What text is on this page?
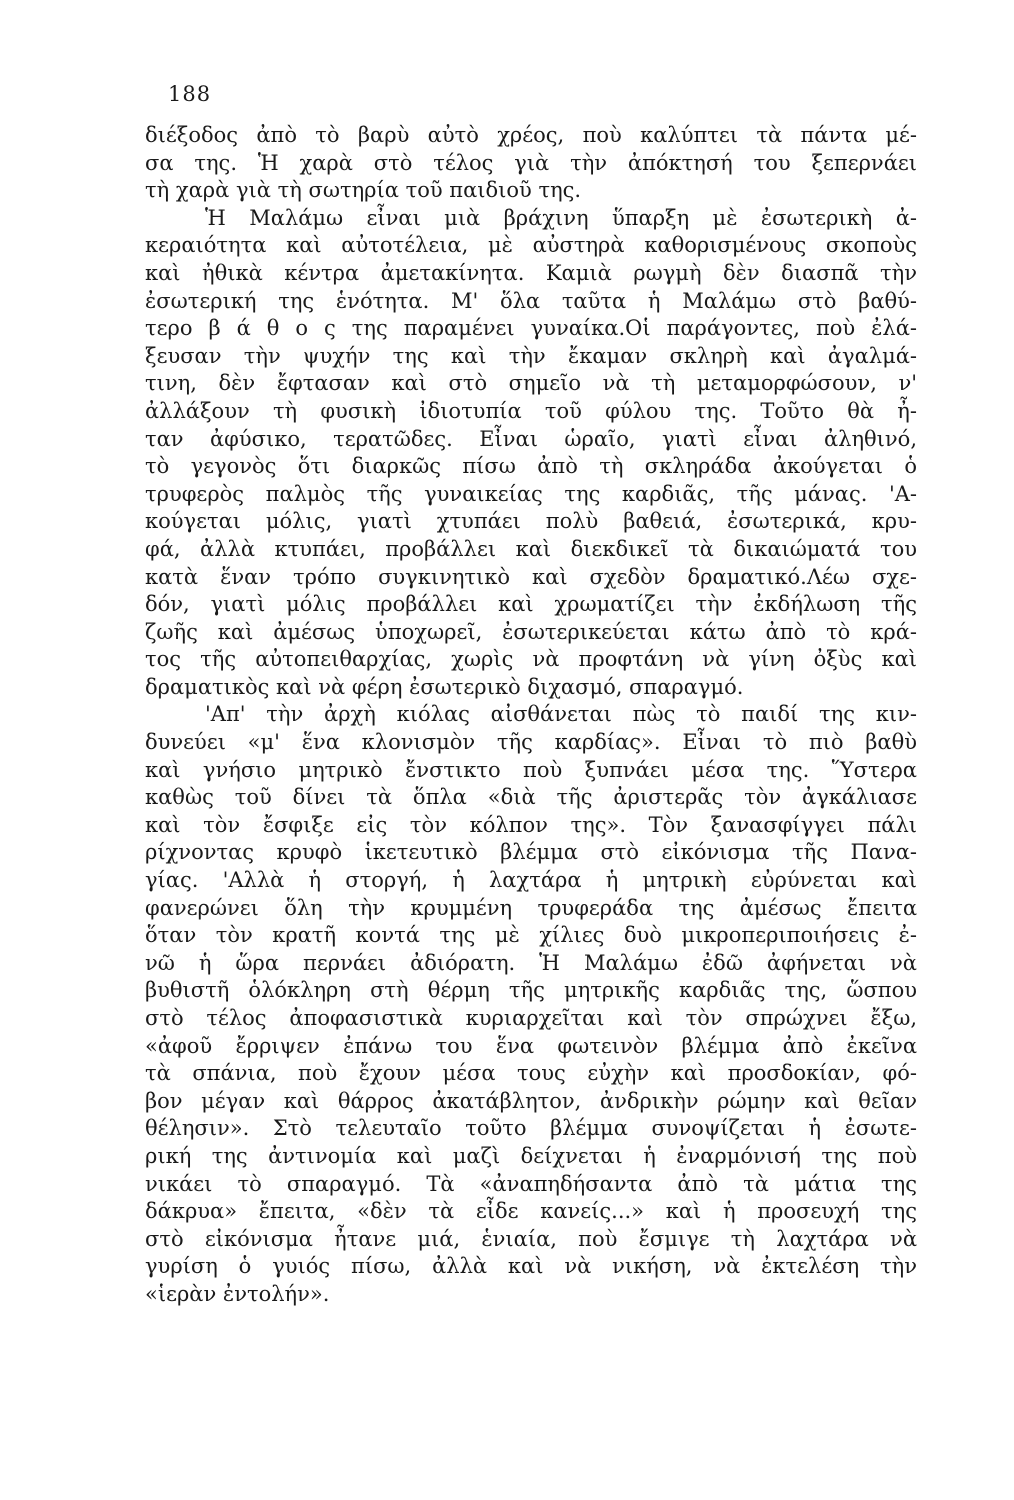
188
διέξοδος ἀπὸ τὸ βαρὺ αὐτὸ χρέος, ποὺ καλύπτει τὰ πάντα μέ-
σα της. Ἡ χαρὰ στὸ τέλος γιὰ τὴν ἀπόκτησή του ξεπερνάει
τὴ χαρὰ γιὰ τὴ σωτηρία τοῦ παιδιοῦ της.
Ἡ Μαλάμω εἶναι μιὰ βράχινη ὕπαρξη μὲ ἐσωτερικὴ ἀ-
κεραιότητα καὶ αὐτοτέλεια, μὲ αὐστηρὰ καθορισμένους σκοποὺς
καὶ ἠθικὰ κέντρα ἀμετακίνητα. Καμιὰ ρωγμὴ δὲν διασπᾶ τὴν
ἐσωτερική της ἑνότητα. Μ' ὅλα ταῦτα ἡ Μαλάμω στὸ βαθύ-
τερο β ά θ ο ς της παραμένει γυναίκα.Οἱ παράγοντες, ποὺ ἐλά-
ξευσαν τὴν ψυχήν της καὶ τὴν ἔκαμαν σκληρὴ καὶ ἀγαλμά-
τινη, δὲν ἔφτασαν καὶ στὸ σημεῖο νὰ τὴ μεταμορφώσουν, ν'
ἀλλάξουν τὴ φυσικὴ ἰδιοτυπία τοῦ φύλου της. Τοῦτο θὰ ἦ-
ταν ἀφύσικο, τερατῶδες. Εἶναι ὡραῖο, γιατὶ εἶναι ἀληθινό,
τὸ γεγονὸς ὅτι διαρκῶς πίσω ἀπὸ τὴ σκληράδα ἀκούγεται ὁ
τρυφερὸς παλμὸς τῆς γυναικείας της καρδιᾶς, τῆς μάνας. 'Α-
κούγεται μόλις, γιατὶ χτυπάει πολὺ βαθειά, ἐσωτερικά, κρυ-
φά, ἀλλὰ κτυπάει, προβάλλει καὶ διεκδικεῖ τὰ δικαιώματά του
κατὰ ἕναν τρόπο συγκινητικὸ καὶ σχεδὸν δραματικό.Λέω σχε-
δόν, γιατὶ μόλις προβάλλει καὶ χρωματίζει τὴν ἐκδήλωση τῆς
ζωῆς καὶ ἀμέσως ὑποχωρεῖ, ἐσωτερικεύεται κάτω ἀπὸ τὸ κρά-
τος τῆς αὐτοπειθαρχίας, χωρὶς νὰ προφτάνη νὰ γίνη ὀξὺς καὶ
δραματικὸς καὶ νὰ φέρη ἐσωτερικὸ διχασμό, σπαραγμό.
'Απ' τὴν ἀρχὴ κιόλας αἰσθάνεται πὼς τὸ παιδί της κιν-
δυνεύει «μ' ἕνα κλονισμὸν τῆς καρδίας». Εἶναι τὸ πιὸ βαθὺ
καὶ γνήσιο μητρικὸ ἔνστικτο ποὺ ξυπνάει μέσα της. Ὕστερα
καθὼς τοῦ δίνει τὰ ὅπλα «διὰ τῆς ἀριστερᾶς τὸν ἀγκάλιασε
καὶ τὸν ἔσφιξε εἰς τὸν κόλπον της». Τὸν ξανασφίγγει πάλι
ρίχνοντας κρυφὸ ἱκετευτικὸ βλέμμα στὸ εἰκόνισμα τῆς Πανα-
γίας. 'Αλλὰ ἡ στοργή, ἡ λαχτάρα ἡ μητρικὴ εὐρύνεται καὶ
φανερώνει ὅλη τὴν κρυμμένη τρυφεράδα της ἀμέσως ἔπειτα
ὅταν τὸν κρατῆ κοντά της μὲ χίλιες δυὸ μικροπεριποιήσεις ἐ-
νῶ ἡ ὥρα περνάει ἀδιόρατη. Ἡ Μαλάμω ἐδῶ ἀφήνεται νὰ
βυθιστῆ ὁλόκληρη στὴ θέρμη τῆς μητρικῆς καρδιᾶς της, ὥσπου
στὸ τέλος ἀποφασιστικὰ κυριαρχεῖται καὶ τὸν σπρώχνει ἔξω,
«ἀφοῦ ἔρριψεν ἐπάνω του ἕνα φωτεινὸν βλέμμα ἀπὸ ἐκεῖνα
τὰ σπάνια, ποὺ ἔχουν μέσα τους εὐχὴν καὶ προσδοκίαν, φό-
βον μέγαν καὶ θάρρος ἀκατάβλητον, ἀνδρικὴν ρώμην καὶ θεῖαν
θέλησιν». Στὸ τελευταῖο τοῦτο βλέμμα συνοψίζεται ἡ ἐσωτε-
ρική της ἀντινομία καὶ μαζὶ δείχνεται ἡ ἐναρμόνισή της ποὺ
νικάει τὸ σπαραγμό. Τὰ «ἀναπηδήσαντα ἀπὸ τὰ μάτια της
δάκρυα» ἔπειτα, «δὲν τὰ εἶδε κανείς...» καὶ ἡ προσευχή της
στὸ εἰκόνισμα ἦτανε μιά, ἑνιαία, ποὺ ἔσμιγε τὴ λαχτάρα νὰ
γυρίση ὁ γυιός πίσω, ἀλλὰ καὶ νὰ νικήση, νὰ ἐκτελέση τὴν
«ἱερὰν ἐντολήν».
